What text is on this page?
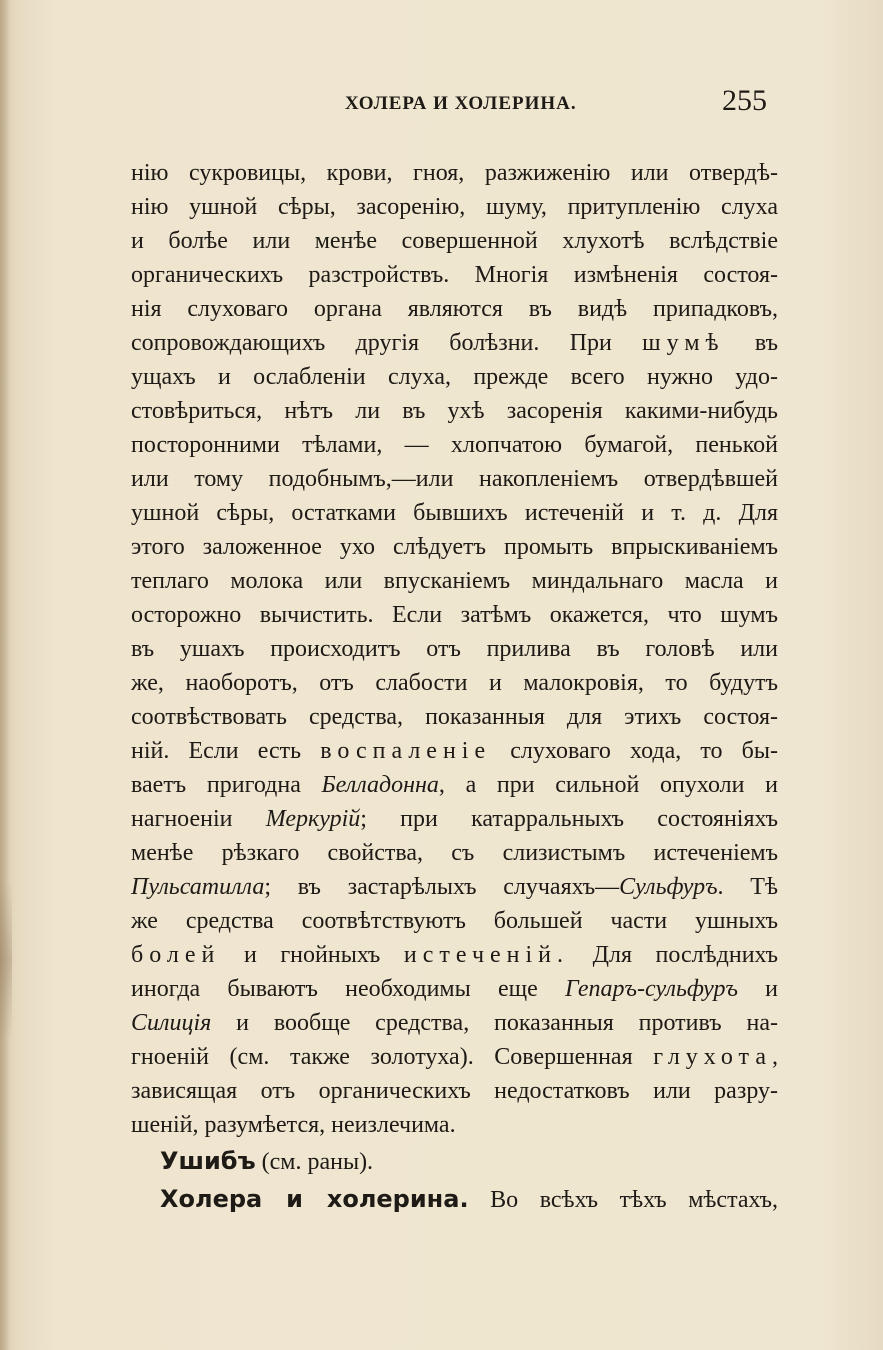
ХОЛЕРА И ХОЛЕРИНА.	255
нію сукровицы, крови, гноя, разжиженію или отвердѣ-
нію ушной сѣры, засоренію, шуму, притупленію слуха
и болѣе или менѣе совершенной хлухотѣ вслѣдствіе
органическихъ разстройствъ. Многія измѣненія состоя-
нія слуховаго органа являются въ видѣ припадковъ,
сопровождающихъ другія болѣзни. При шумѣ въ
ущахъ и ослабленіи слуха, прежде всего нужно удо-
стовѣриться, нѣтъ ли въ ухѣ засоренія какими-нибудь
посторонними тѣлами, — хлопчатою бумагой, пенькой
или тому подобнымъ,—или накопленіемъ отвердѣвшей
ушной сѣры, остатками бывшихъ истеченій и т. д. Для
этого заложенное ухо слѣдуетъ промыть впрыскиваніемъ
теплаго молока или впусканіемъ миндальнаго масла и
осторожно вычистить. Если затѣмъ окажется, что шумъ
въ ушахъ происходитъ отъ прилива въ головѣ или
же, наоборотъ, отъ слабости и малокровія, то будутъ
соотвѣствовать средства, показанныя для этихъ состоя-
ній. Если есть воспаленіе слуховаго хода, то бы-
ваетъ пригодна Белладонна, а при сильной опухоли и
нагноеніи Меркурій; при катарральныхъ состояніяхъ
менѣе рѣзкаго свойства, съ слизистымъ истеченіемъ
Пульсатилла; въ застарѣлыхъ случаяхъ—Сульфуръ. Тѣ
же средства соотвѣтствуютъ большей части ушныхъ
болей и гнойныхъ истеченій. Для послѣднихъ
иногда бываютъ необходимы еще Гепаръ-сульфуръ и
Силиція и вообще средства, показанныя противъ на-
гноеній (см. также золотуха). Совершенная глухота,
зависящая отъ органическихъ недостатковъ или разру-
шеній, разумѣется, неизлечима.
Ушибъ (см. раны).
Холера и холерина. Во всѣхъ тѣхъ мѣстахъ,
